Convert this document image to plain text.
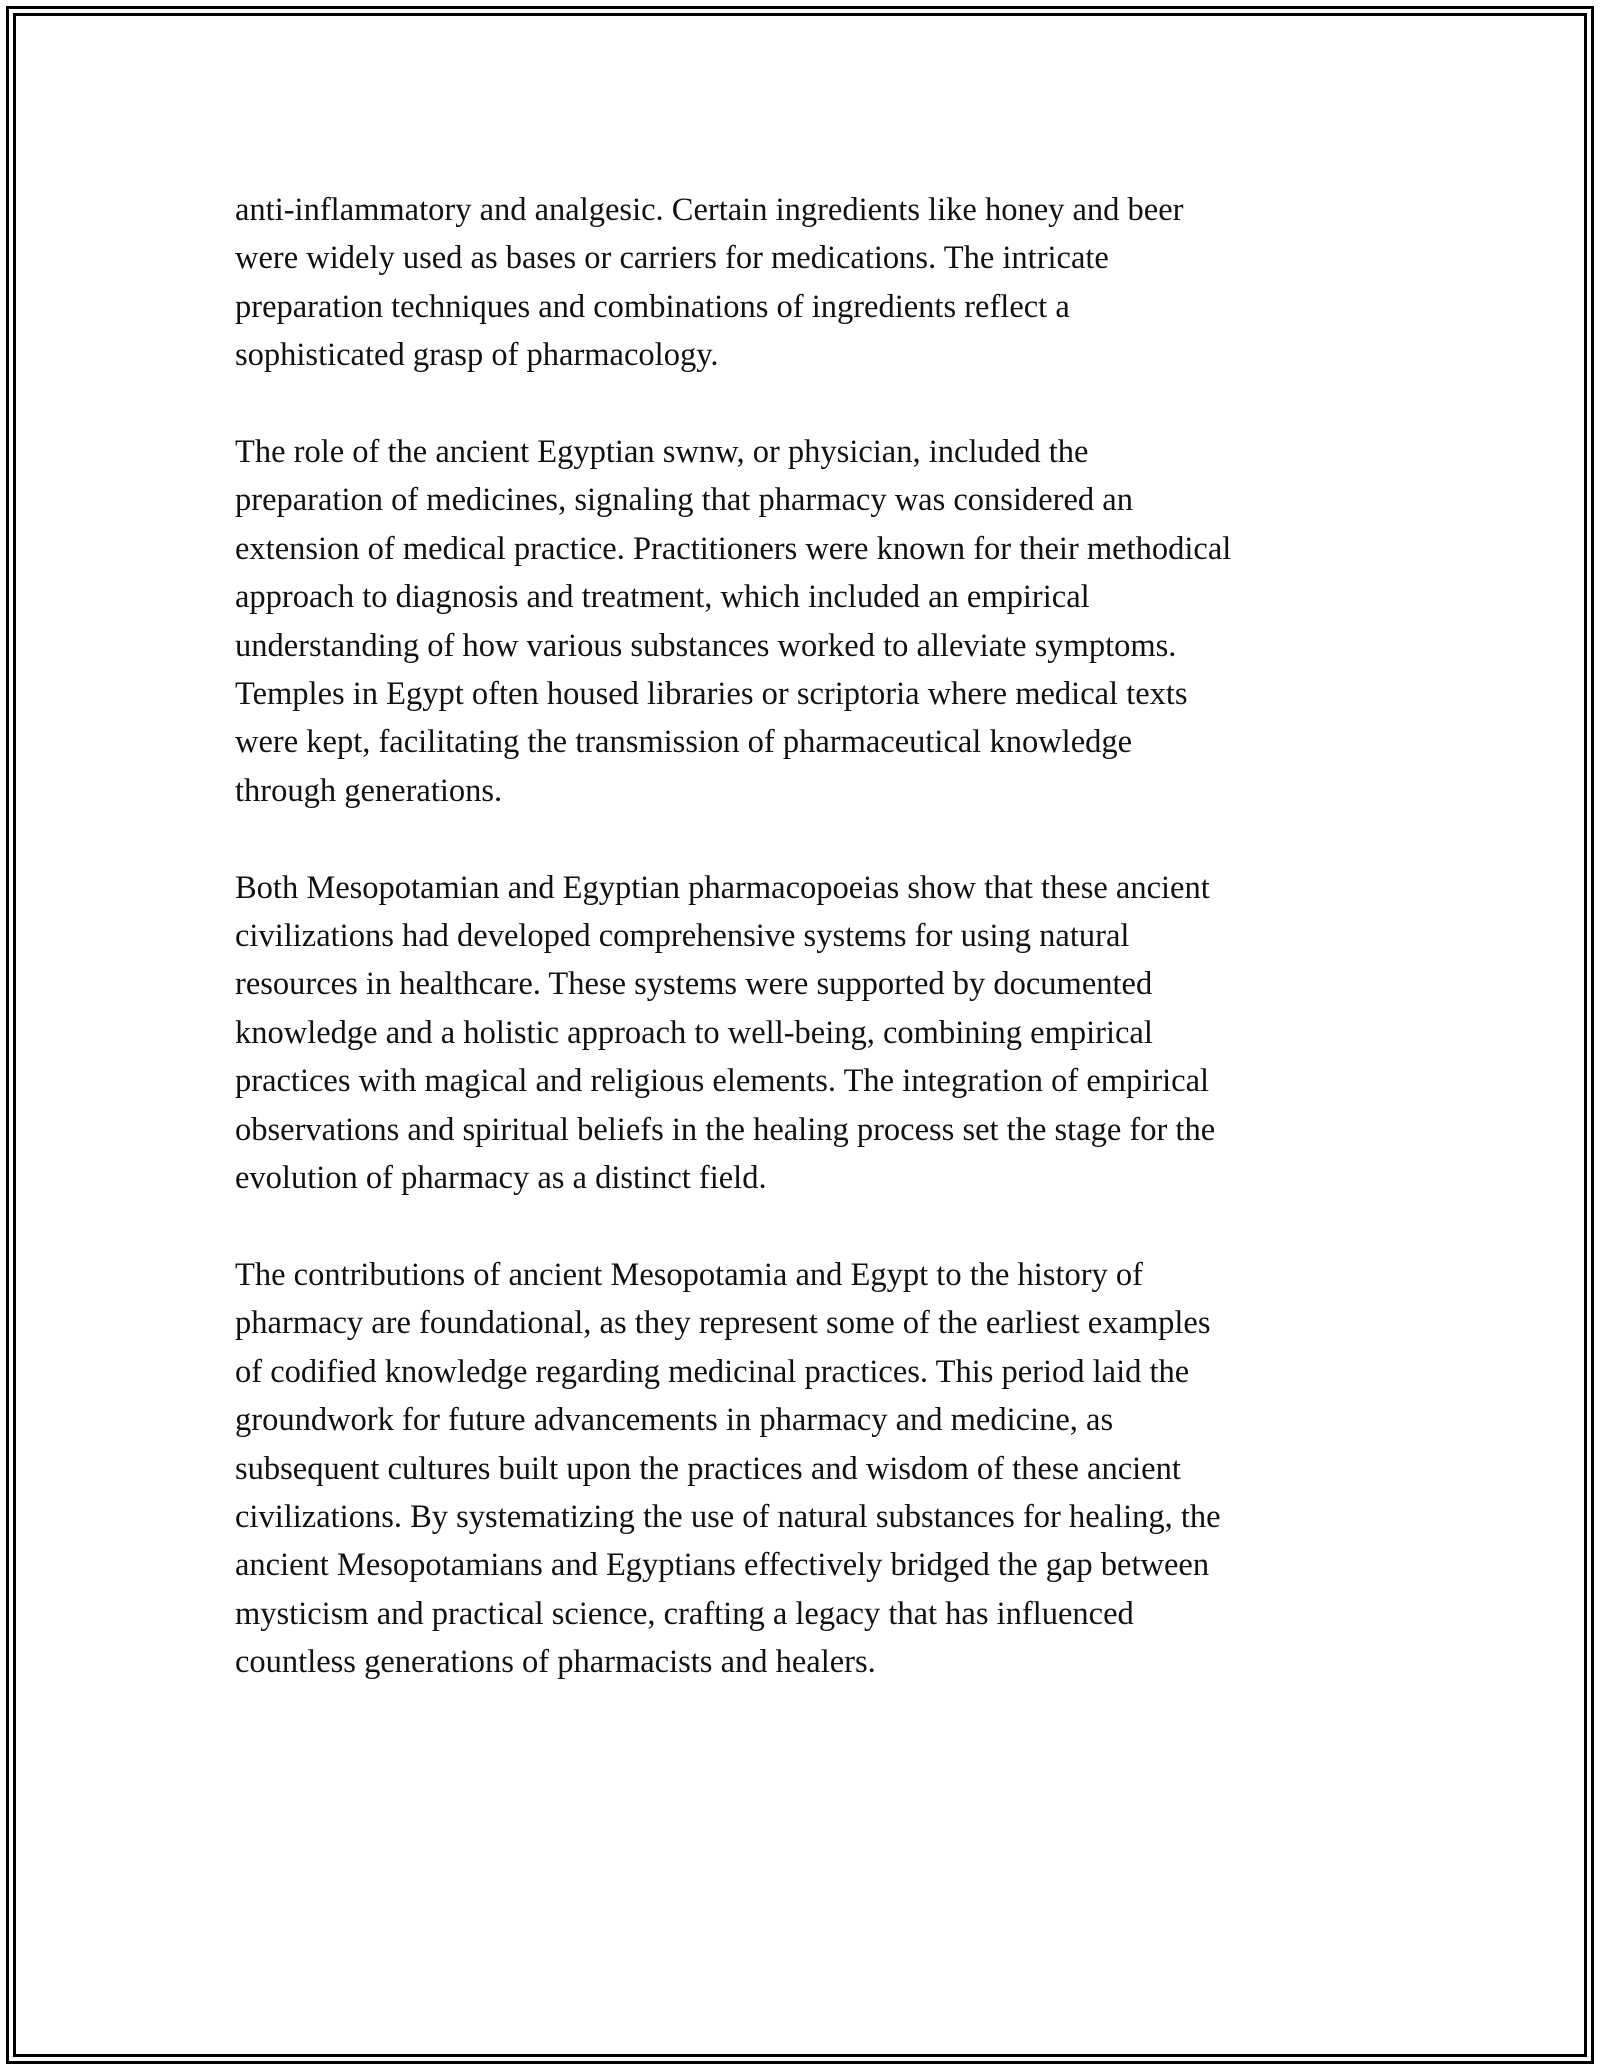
anti-inflammatory and analgesic. Certain ingredients like honey and beer
were widely used as bases or carriers for medications. The intricate
preparation techniques and combinations of ingredients reflect a
sophisticated grasp of pharmacology.

The role of the ancient Egyptian swnw, or physician, included the
preparation of medicines, signaling that pharmacy was considered an
extension of medical practice. Practitioners were known for their methodical
approach to diagnosis and treatment, which included an empirical
understanding of how various substances worked to alleviate symptoms.
Temples in Egypt often housed libraries or scriptoria where medical texts
were kept, facilitating the transmission of pharmaceutical knowledge
through generations.

Both Mesopotamian and Egyptian pharmacopoeias show that these ancient
civilizations had developed comprehensive systems for using natural
resources in healthcare. These systems were supported by documented
knowledge and a holistic approach to well-being, combining empirical
practices with magical and religious elements. The integration of empirical
observations and spiritual beliefs in the healing process set the stage for the
evolution of pharmacy as a distinct field.

The contributions of ancient Mesopotamia and Egypt to the history of
pharmacy are foundational, as they represent some of the earliest examples
of codified knowledge regarding medicinal practices. This period laid the
groundwork for future advancements in pharmacy and medicine, as
subsequent cultures built upon the practices and wisdom of these ancient
civilizations. By systematizing the use of natural substances for healing, the
ancient Mesopotamians and Egyptians effectively bridged the gap between
mysticism and practical science, crafting a legacy that has influenced
countless generations of pharmacists and healers.
